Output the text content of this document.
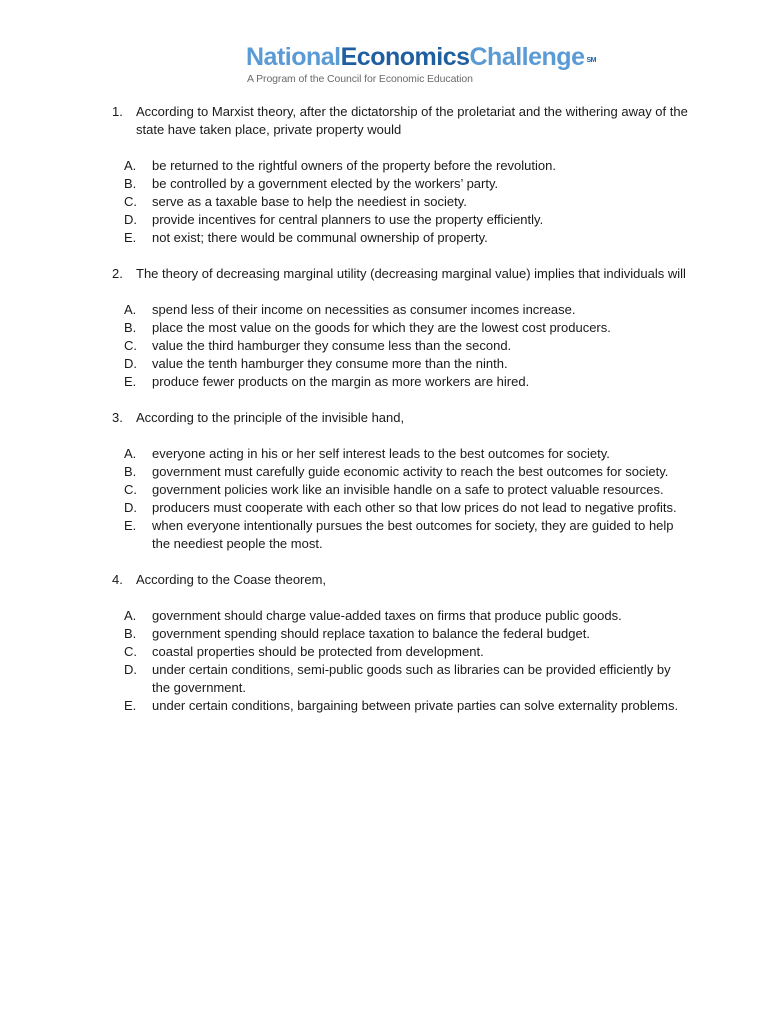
NationalEconomicsChallenge ℠
A Program of the Council for Economic Education
1.	According to Marxist theory, after the dictatorship of the proletariat and the withering away of the state have taken place, private property would
A.	be returned to the rightful owners of the property before the revolution.
B.	be controlled by a government elected by the workers’ party.
C.	serve as a taxable base to help the neediest in society.
D.	provide incentives for central planners to use the property efficiently.
E.	not exist; there would be communal ownership of property.
2.	The theory of decreasing marginal utility (decreasing marginal value) implies that individuals will
A.	spend less of their income on necessities as consumer incomes increase.
B.	place the most value on the goods for which they are the lowest cost producers.
C.	value the third hamburger they consume less than the second.
D.	value the tenth hamburger they consume more than the ninth.
E.	produce fewer products on the margin as more workers are hired.
3.	According to the principle of the invisible hand,
A.	everyone acting in his or her self interest leads to the best outcomes for society.
B.	government must carefully guide economic activity to reach the best outcomes for society.
C.	government policies work like an invisible handle on a safe to protect valuable resources.
D.	producers must cooperate with each other so that low prices do not lead to negative profits.
E.	when everyone intentionally pursues the best outcomes for society, they are guided to help the neediest people the most.
4.	According to the Coase theorem,
A.	government should charge value-added taxes on firms that produce public goods.
B.	government spending should replace taxation to balance the federal budget.
C.	coastal properties should be protected from development.
D.	under certain conditions, semi-public goods such as libraries can be provided efficiently by the government.
E.	under certain conditions, bargaining between private parties can solve externality problems.
